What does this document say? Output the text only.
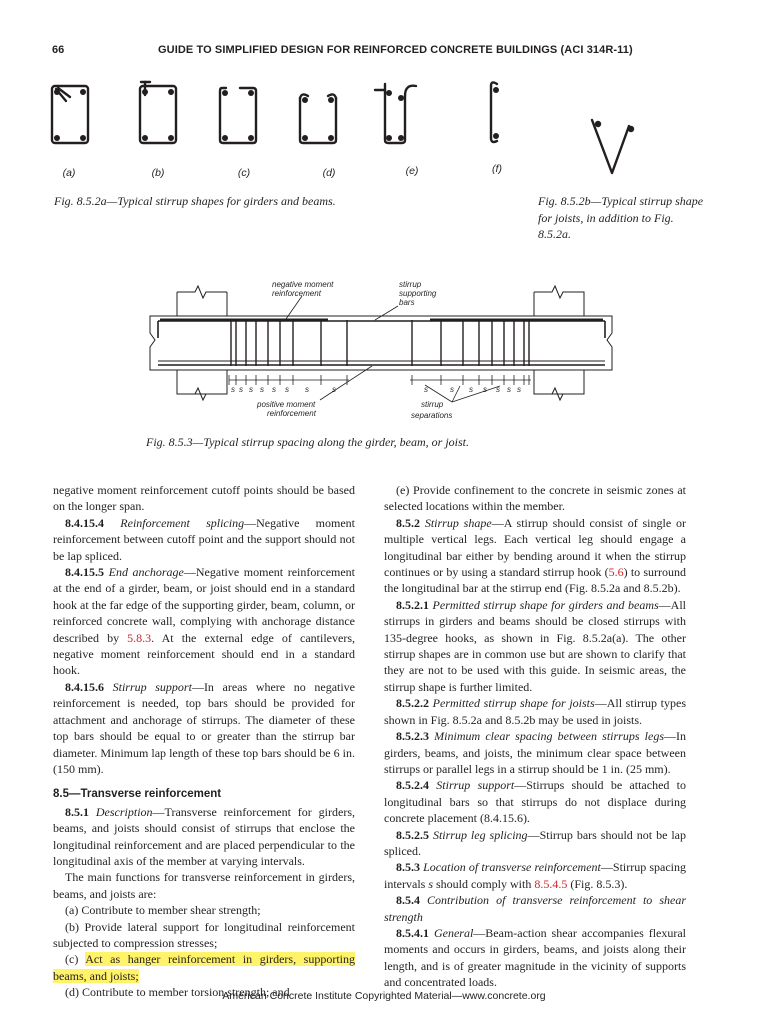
66	GUIDE TO SIMPLIFIED DESIGN FOR REINFORCED CONCRETE BUILDINGS (ACI 314R-11)
(a)	(b)	(c)	(d)	(e)	(f)
Fig. 8.5.2a—Typical stirrup shapes for girders and beams.	Fig. 8.5.2b—Typical stirrup shape for joists, in addition to Fig. 8.5.2a.
s s s s s s s	s	s	s s s s s s
negative moment
reinforcement
stirrup
supporting
bars
positive moment
reinforcement
stirrup
separations
Fig. 8.5.3—Typical stirrup spacing along the girder, beam, or joist.

negative moment reinforcement cutoff points should be based on the longer span.

8.4.15.4 Reinforcement splicing—Negative moment reinforcement between cutoff point and the support should not be lap spliced.

8.4.15.5 End anchorage—Negative moment reinforcement at the end of a girder, beam, or joist should end in a standard hook at the far edge of the supporting girder, beam, column, or reinforced concrete wall, complying with anchorage distance described by 5.8.3. At the external edge of cantilevers, negative moment reinforcement should end in a standard hook.

8.4.15.6 Stirrup support—In areas where no negative reinforcement is needed, top bars should be provided for attachment and anchorage of stirrups. The diameter of these top bars should be equal to or greater than the stirrup bar diameter. Minimum lap length of these top bars should be 6 in. (150 mm).

8.5—Transverse reinforcement

8.5.1 Description—Transverse reinforcement for girders, beams, and joists should consist of stirrups that enclose the longitudinal reinforcement and are placed perpendicular to the longitudinal axis of the member at varying intervals.

The main functions for transverse reinforcement in girders, beams, and joists are:

(a) Contribute to member shear strength;

(b) Provide lateral support for longitudinal reinforcement subjected to compression stresses;

(c) Act as hanger reinforcement in girders, supporting beams, and joists;

(d) Contribute to member torsion strength; and

(e) Provide confinement to the concrete in seismic zones at selected locations within the member.

8.5.2 Stirrup shape—A stirrup should consist of single or multiple vertical legs. Each vertical leg should engage a longitudinal bar either by bending around it when the stirrup continues or by using a standard stirrup hook (5.6) to surround the longitudinal bar at the stirrup end (Fig. 8.5.2a and 8.5.2b).

8.5.2.1 Permitted stirrup shape for girders and beams—All stirrups in girders and beams should be closed stirrups with 135-degree hooks, as shown in Fig. 8.5.2a(a). The other stirrup shapes are in common use but are shown to clarify that they are not to be used with this guide. In seismic areas, the stirrup shape is further limited.

8.5.2.2 Permitted stirrup shape for joists—All stirrup types shown in Fig. 8.5.2a and 8.5.2b may be used in joists.

8.5.2.3 Minimum clear spacing between stirrups legs—In girders, beams, and joists, the minimum clear space between stirrups or parallel legs in a stirrup should be 1 in. (25 mm).

8.5.2.4 Stirrup support—Stirrups should be attached to longitudinal bars so that stirrups do not displace during concrete placement (8.4.15.6).

8.5.2.5 Stirrup leg splicing—Stirrup bars should not be lap spliced.

8.5.3 Location of transverse reinforcement—Stirrup spacing intervals s should comply with 8.5.4.5 (Fig. 8.5.3).

8.5.4 Contribution of transverse reinforcement to shear strength

8.5.4.1 General—Beam-action shear accompanies flexural moments and occurs in girders, beams, and joists along their length, and is of greater magnitude in the vicinity of supports and concentrated loads.

American Concrete Institute Copyrighted Material—www.concrete.org
